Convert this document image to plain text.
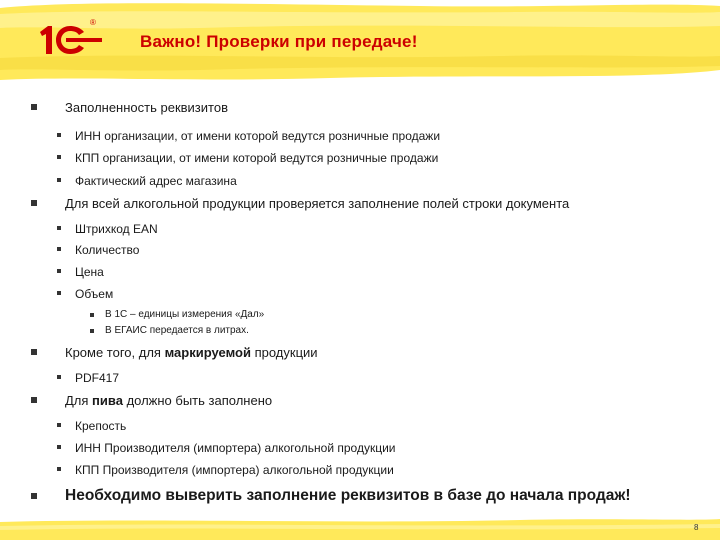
®
Важно! Проверки при передаче!
Заполненность реквизитов
ИНН организации, от имени которой ведутся розничные продажи
КПП организации, от имени которой ведутся розничные продажи
Фактический адрес магазина
Для всей алкогольной продукции проверяется заполнение полей строки документа
Штрихкод EAN
Количество
Цена
Объем
В 1С – единицы измерения «Дал»
В ЕГАИС передается в литрах.
Кроме того, для маркируемой продукции
PDF417
Для пива должно быть заполнено
Крепость
ИНН Производителя (импортера) алкогольной продукции
КПП Производителя (импортера) алкогольной продукции
Необходимо выверить заполнение реквизитов в базе до начала продаж!
8
